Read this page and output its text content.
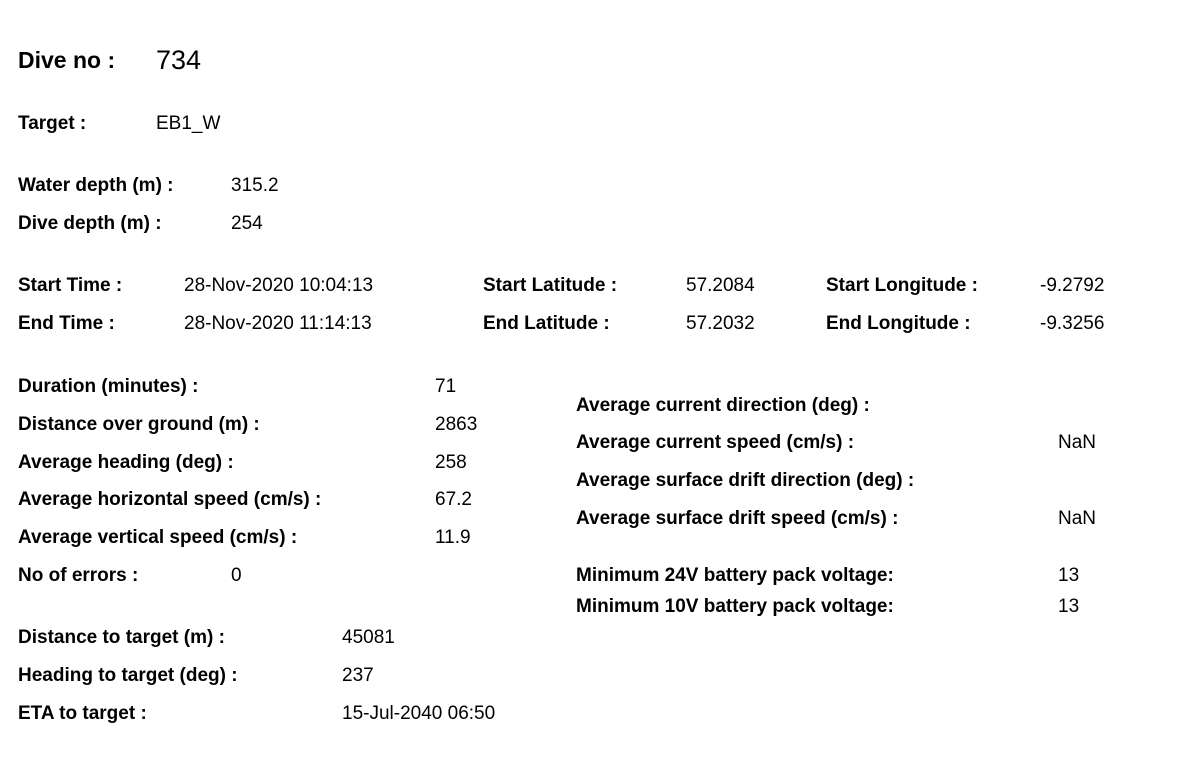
Dive no : 734
Target :	EB1_W
Water depth (m) :	315.2
Dive depth (m) :	254
Start Time :	28-Nov-2020 10:04:13	Start Latitude :	57.2084	Start Longitude :	-9.2792
End Time :	28-Nov-2020 11:14:13	End Latitude :	57.2032	End Longitude :	-9.3256
Duration (minutes) :	71
Distance over ground (m) :	2863
Average heading (deg) :	258
Average horizontal speed (cm/s) :	67.2
Average vertical speed (cm/s) :	11.9
No of errors :	0
Average current direction (deg) :
Average current speed (cm/s) :	NaN
Average surface drift direction (deg) :
Average surface drift speed (cm/s) :	NaN
Minimum 24V battery pack voltage:	13
Minimum 10V battery pack voltage:	13
Distance to target (m) :	45081
Heading to target (deg) :	237
ETA to target :	15-Jul-2040 06:50
